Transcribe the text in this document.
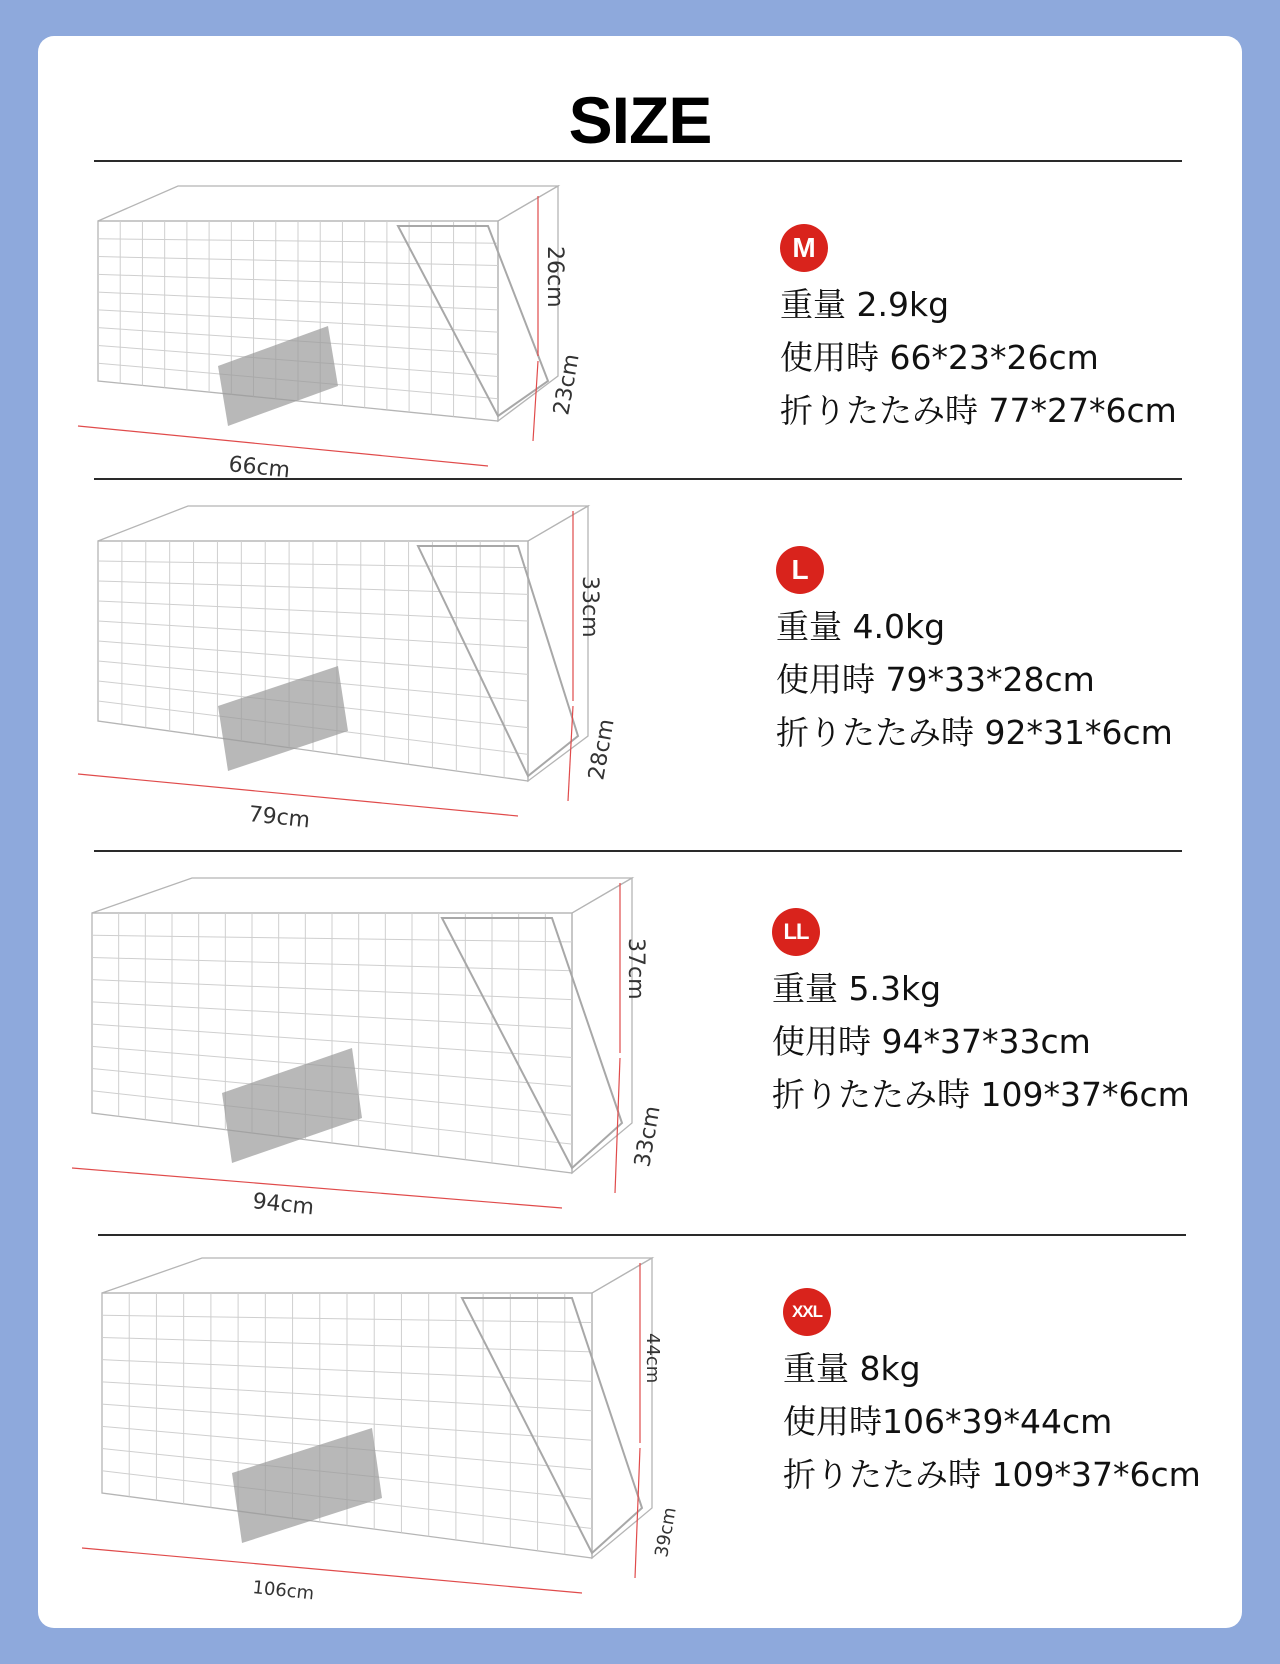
SIZE
66cm
26cm
23cm
M
重量 2.9kg
使用時 66*23*26cm
折りたたみ時 77*27*6cm
79cm
33cm
28cm
L
重量 4.0kg
使用時 79*33*28cm
折りたたみ時 92*31*6cm
94cm
37cm
33cm
LL
重量 5.3kg
使用時 94*37*33cm
折りたたみ時 109*37*6cm
106cm
44cm
39cm
XXL
重量 8kg
使用時106*39*44cm
折りたたみ時 109*37*6cm
